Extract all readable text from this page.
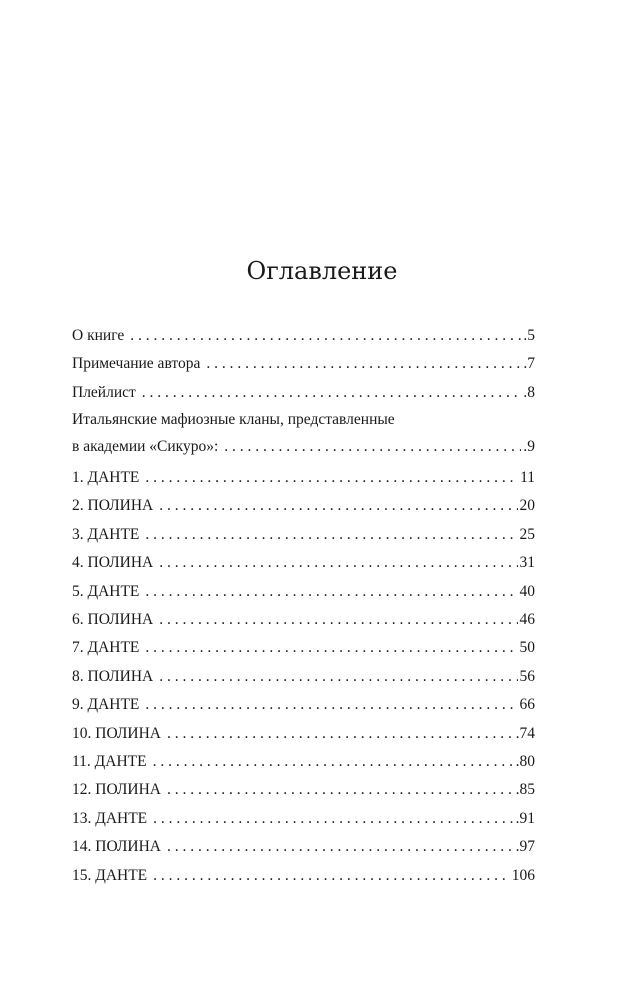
Оглавление
О книге . . .	.5
Примечание автора . . .	.7
Плейлист . . .	.8
Итальянские мафиозные кланы, представленные
в академии «Сикуро»: . . .	.9
1. ДАНТЕ . . .	11
2. ПОЛИНА . . .	20
3. ДАНТЕ . . .	25
4. ПОЛИНА . . .	31
5. ДАНТЕ . . .	40
6. ПОЛИНА . . .	46
7. ДАНТЕ . . .	50
8. ПОЛИНА . . .	56
9. ДАНТЕ . . .	66
10. ПОЛИНА . . .	.74
11. ДАНТЕ . . .	.80
12. ПОЛИНА . . .	.85
13. ДАНТЕ . . .	.91
14. ПОЛИНА . . .	.97
15. ДАНТЕ . . .	106
